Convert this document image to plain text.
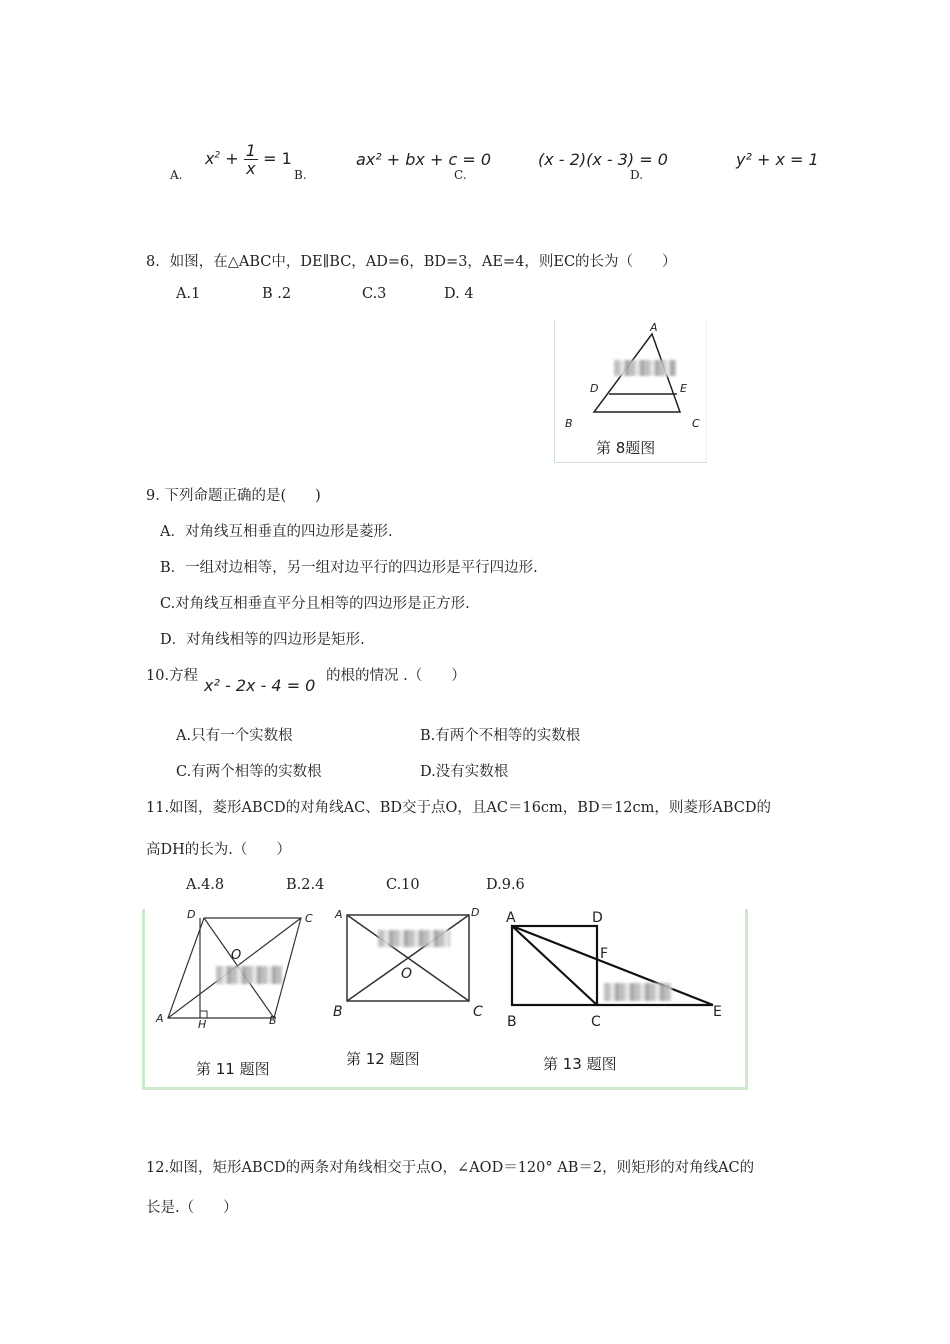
A.
$x^2 + \frac{1}{x} = 1$
B.
ax² + bx + c = 0
C.
(x - 2)(x - 3) = 0
D.
y² + x = 1
8．如图，在△ABC中，DE∥BC，AD=6，BD=3，AE=4，则EC的长为（　　）
A.1	B .2	C.3	D. 4
A
D	E
B	C
第 8题图
9. 下列命题正确的是(　　)
A．对角线互相垂直的四边形是菱形.
B．一组对边相等，另一组对边平行的四边形是平行四边形.
C.对角线互相垂直平分且相等的四边形是正方形.
D．对角线相等的四边形是矩形.
10.方程 x² - 2x - 4 = 0 的根的情况 .（　　）
A.只有一个实数根	B.有两个不相等的实数根
C.有两个相等的实数根	D.没有实数根
11.如图，菱形ABCD的对角线AC、BD交于点O，且AC＝16cm，BD＝12cm，则菱形ABCD的
高DH的长为.（　　）
A.4.8	B.2.4	C.10	D.9.6
D	C
O
A	H	B
A	D
O
B	C
A	D
F
B	C
E
第 11 题图
第 12 题图	第 13 题图
12.如图，矩形ABCD的两条对角线相交于点O，∠AOD＝120° AB＝2，则矩形的对角线AC的
长是.（　　）
